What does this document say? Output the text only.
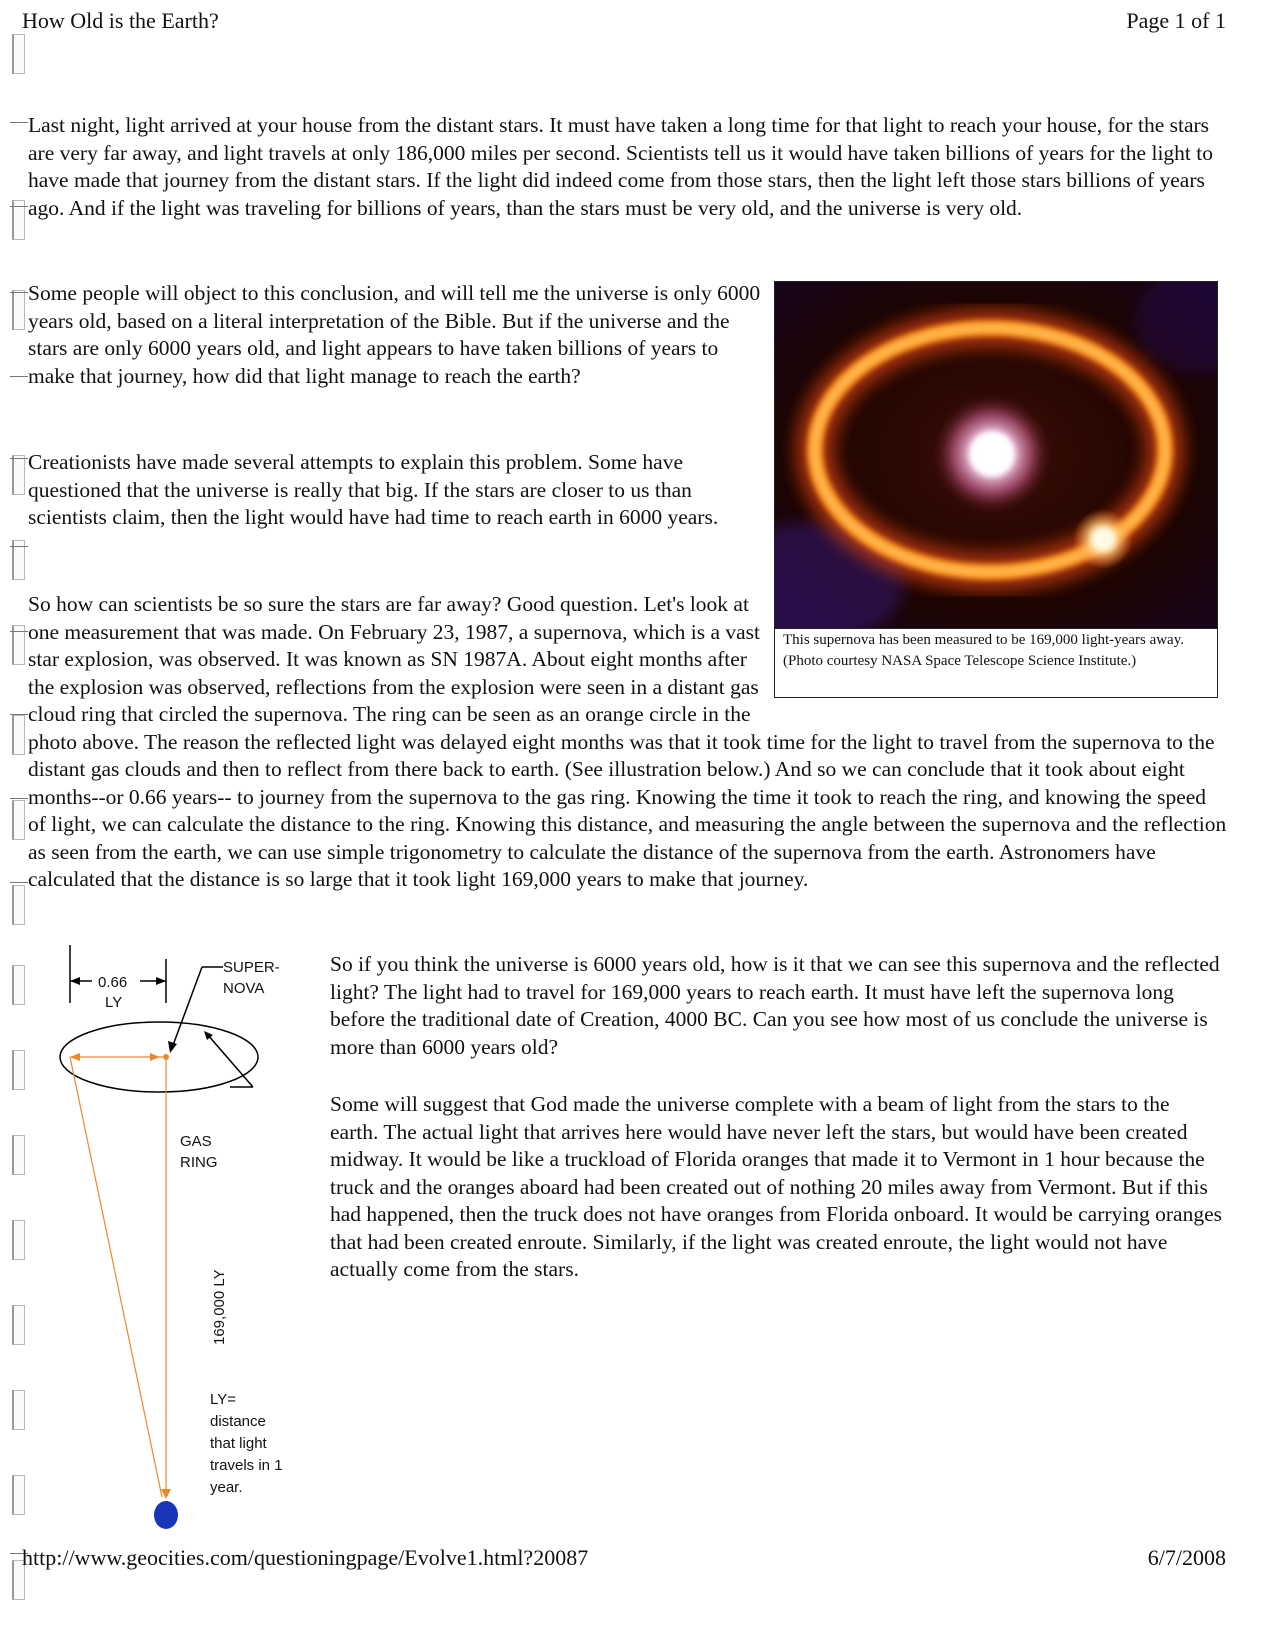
How Old is the Earth?	Page 1 of 1

Last night, light arrived at your house from the distant stars. It must have taken a long time for that light to reach your house, for the stars are very far away, and light travels at only 186,000 miles per second. Scientists tell us it would have taken billions of years for the light to have made that journey from the distant stars. If the light did indeed come from those stars, then the light left those stars billions of years ago. And if the light was traveling for billions of years, than the stars must be very old, and the universe is very old.

Some people will object to this conclusion, and will tell me the universe is only 6000 years old, based on a literal interpretation of the Bible. But if the universe and the stars are only 6000 years old, and light appears to have taken billions of years to make that journey, how did that light manage to reach the earth?

Creationists have made several attempts to explain this problem. Some have questioned that the universe is really that big. If the stars are closer to us than scientists claim, then the light would have had time to reach earth in 6000 years.

So how can scientists be so sure the stars are far away? Good question. Let's look at one measurement that was made. On February 23, 1987, a supernova, which is a vast star explosion, was observed. It was known as SN 1987A. About eight months after the explosion was observed, reflections from the explosion were seen in a distant gas cloud ring that circled the supernova. The ring can be seen as an orange circle in the photo above. The reason the reflected light was delayed eight months was that it took time for the light to travel from the supernova to the distant gas clouds and then to reflect from there back to earth. (See illustration below.) And so we can conclude that it took about eight months--or 0.66 years-- to journey from the supernova to the gas ring. Knowing the time it took to reach the ring, and knowing the speed of light, we can calculate the distance to the ring. Knowing this distance, and measuring the angle between the supernova and the reflection as seen from the earth, we can use simple trigonometry to calculate the distance of the supernova from the earth. Astronomers have calculated that the distance is so large that it took light 169,000 years to make that journey.

This supernova has been measured to be 169,000 light-years away. (Photo courtesy NASA Space Telescope Science Institute.)

So if you think the universe is 6000 years old, how is it that we can see this supernova and the reflected light? The light had to travel for 169,000 years to reach earth. It must have left the supernova long before the traditional date of Creation, 4000 BC. Can you see how most of us conclude the universe is more than 6000 years old?

Some will suggest that God made the universe complete with a beam of light from the stars to the earth. The actual light that arrives here would have never left the stars, but would have been created midway. It would be like a truckload of Florida oranges that made it to Vermont in 1 hour because the truck and the oranges aboard had been created out of nothing 20 miles away from Vermont. But if this had happened, then the truck does not have oranges from Florida onboard. It would be carrying oranges that had been created enroute. Similarly, if the light was created enroute, the light would not have actually come from the stars.

0.66
LY
SUPER-
NOVA
GAS
RING
169,000 LY
LY=
distance
that light
travels in 1
year.
http://www.geocities.com/questioningpage/Evolve1.html?20087	6/7/2008
